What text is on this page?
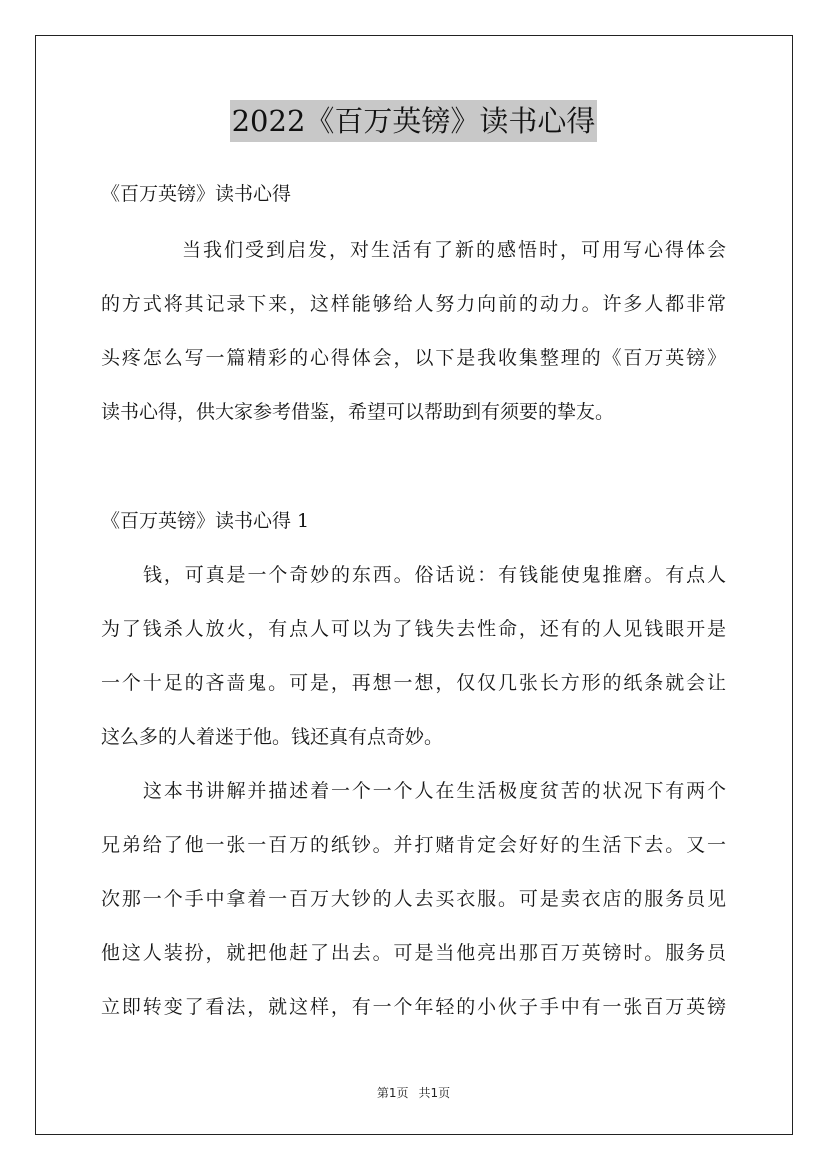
2022《百万英镑》读书心得
《百万英镑》读书心得
当我们受到启发，对生活有了新的感悟时，可用写心得体会
的方式将其记录下来，这样能够给人努力向前的动力。许多人都非常
头疼怎么写一篇精彩的心得体会，以下是我收集整理的《百万英镑》
读书心得，供大家参考借鉴，希望可以帮助到有须要的挚友。
《百万英镑》读书心得 1
钱，可真是一个奇妙的东西。俗话说：有钱能使鬼推磨。有点人
为了钱杀人放火，有点人可以为了钱失去性命，还有的人见钱眼开是
一个十足的吝啬鬼。可是，再想一想，仅仅几张长方形的纸条就会让
这么多的人着迷于他。钱还真有点奇妙。
这本书讲解并描述着一个一个人在生活极度贫苦的状况下有两个
兄弟给了他一张一百万的纸钞。并打赌肯定会好好的生活下去。又一
次那一个手中拿着一百万大钞的人去买衣服。可是卖衣店的服务员见
他这人装扮，就把他赶了出去。可是当他亮出那百万英镑时。服务员
立即转变了看法，就这样，有一个年轻的小伙子手中有一张百万英镑
第1页 共1页
